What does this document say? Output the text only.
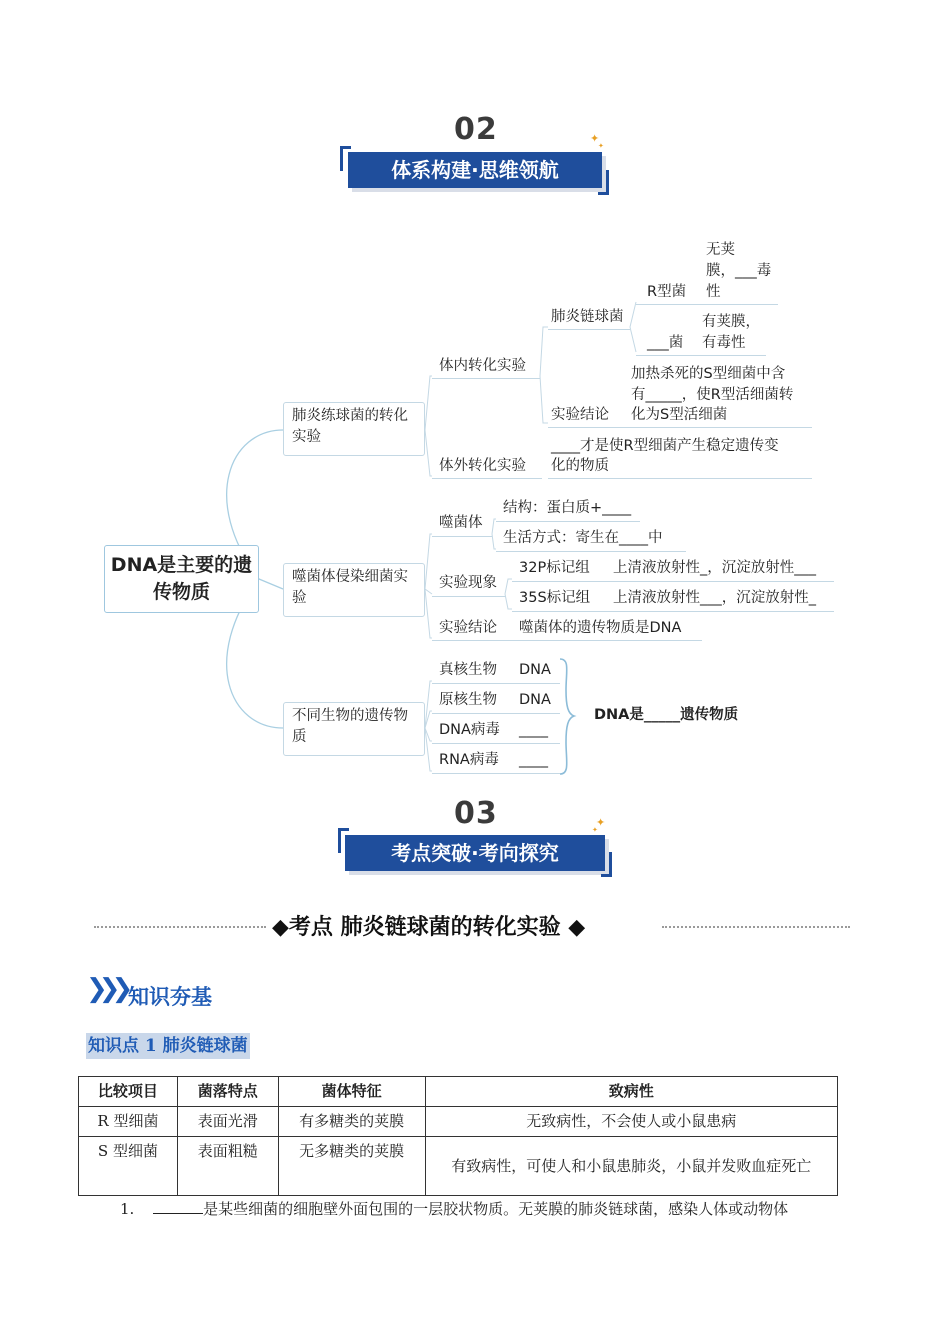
02	✦
✦
体系构建·思维领航
DNA是主要的遗传物质
肺炎练球菌的转化实验
体内转化实验
肺炎链球菌
R型菌
无荚
膜，___毒
性
___菌
有荚膜，
有毒性
实验结论
加热杀死的S型细菌中含
有_____，使R型活细菌转
化为S型活细菌
体外转化实验
____才是使R型细菌产生稳定遗传变
化的物质
噬菌体侵染细菌实验
噬菌体
结构：蛋白质+____
生活方式：寄生在____中
实验现象
32P标记组 上清液放射性_，沉淀放射性___
35S标记组 上清液放射性___，沉淀放射性_
实验结论 噬菌体的遗传物质是DNA
不同生物的遗传物质
真核生物 DNA
原核生物 DNA
DNA病毒 ____
RNA病毒 ____
DNA是_____遗传物质
03	✦
✦
考点突破·考向探究
◆考点 肺炎链球菌的转化实验 ◆
❯❯❯ 知识夯基
知识点 1 肺炎链球菌
比较项目	菌落特点	菌体特征	致病性
R 型细菌	表面光滑	有多糖类的荚膜	无致病性，不会使人或小鼠患病
S 型细菌	表面粗糙	无多糖类的荚膜	有致病性，可使人和小鼠患肺炎，小鼠并发败血症死亡
1.	是某些细菌的细胞壁外面包围的一层胶状物质。无荚膜的肺炎链球菌，感染人体或动物体
